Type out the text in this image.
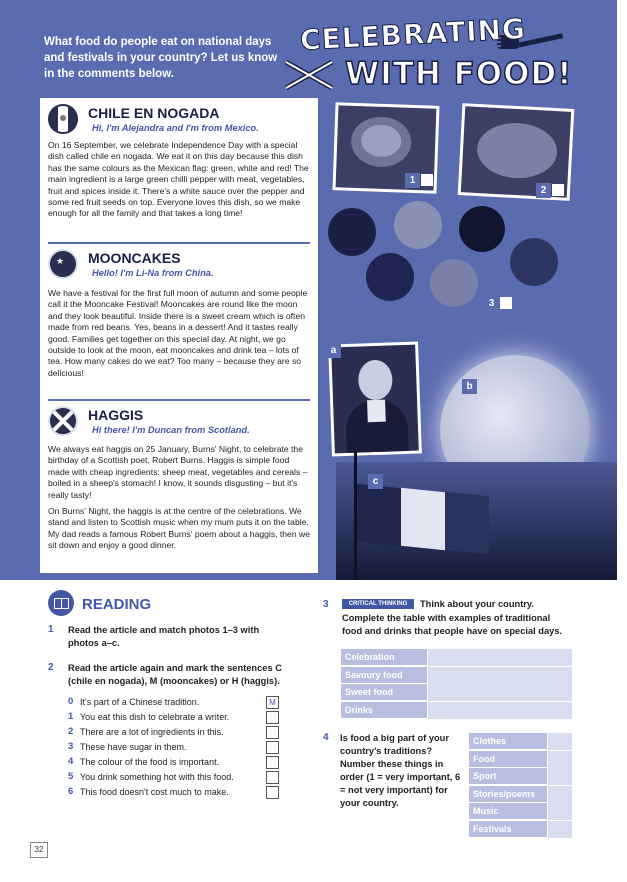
What food do people eat on national days and festivals in your country? Let us know in the comments below.
CELEBRATING
WITH FOOD!
CHILE EN NOGADA
Hi, I'm Alejandra and I'm from Mexico.
On 16 September, we celebrate Independence Day with a special dish called chile en nogada. We eat it on this day because this dish has the same colours as the Mexican flag: green, white and red! The main ingredient is a large green chilli pepper with meat, vegetables, fruit and spices inside it. There's a white sauce over the pepper and some red fruit seeds on top. Everyone loves this dish, so we make enough for all the family and that takes a long time!
★ MOONCAKES
Hello! I'm Li-Na from China.
We have a festival for the first full moon of autumn and some people call it the Mooncake Festival! Mooncakes are round like the moon and they look beautiful. Inside there is a sweet cream which is often made from red beans. Yes, beans in a dessert! And it tastes really good. Families get together on this special day. At night, we go outside to look at the moon, eat mooncakes and drink tea – lots of tea. How many cakes do we eat? Too many – because they are so delicious!
HAGGIS
Hi there! I'm Duncan from Scotland.
We always eat haggis on 25 January, Burns' Night, to celebrate the birthday of a Scottish poet, Robert Burns. Haggis is simple food made with cheap ingredients: sheep meat, vegetables and cereals – boiled in a sheep's stomach! I know, it sounds disgusting – but it's really tasty!
On Burns' Night, the haggis is at the centre of the celebrations. We stand and listen to Scottish music when my mum puts it on the table. My dad reads a famous Robert Burns' poem about a haggis, then we sit down and enjoy a good dinner.
1
2
3
a
b
c
READING
1 Read the article and match photos 1–3 with photos a–c.
2 Read the article again and mark the sentences C (chile en nogada), M (mooncakes) or H (haggis).
0 It's part of a Chinese tradition.	M
1 You eat this dish to celebrate a writer.
2 There are a lot of ingredients in this.
3 These have sugar in them.
4 The colour of the food is important.
5 You drink something hot with this food.
6 This food doesn't cost much to make.
3	CRITICAL THINKING	Think about your country.
Complete the table with examples of traditional food and drinks that people have on special days.
Celebration
Savoury food
Sweet food
Drinks
4 Is food a big part of your country's traditions? Number these things in order (1 = very important, 6 = not very important) for your country.
Clothes
Food
Sport
Stories/poems
Music
Festivals
32
